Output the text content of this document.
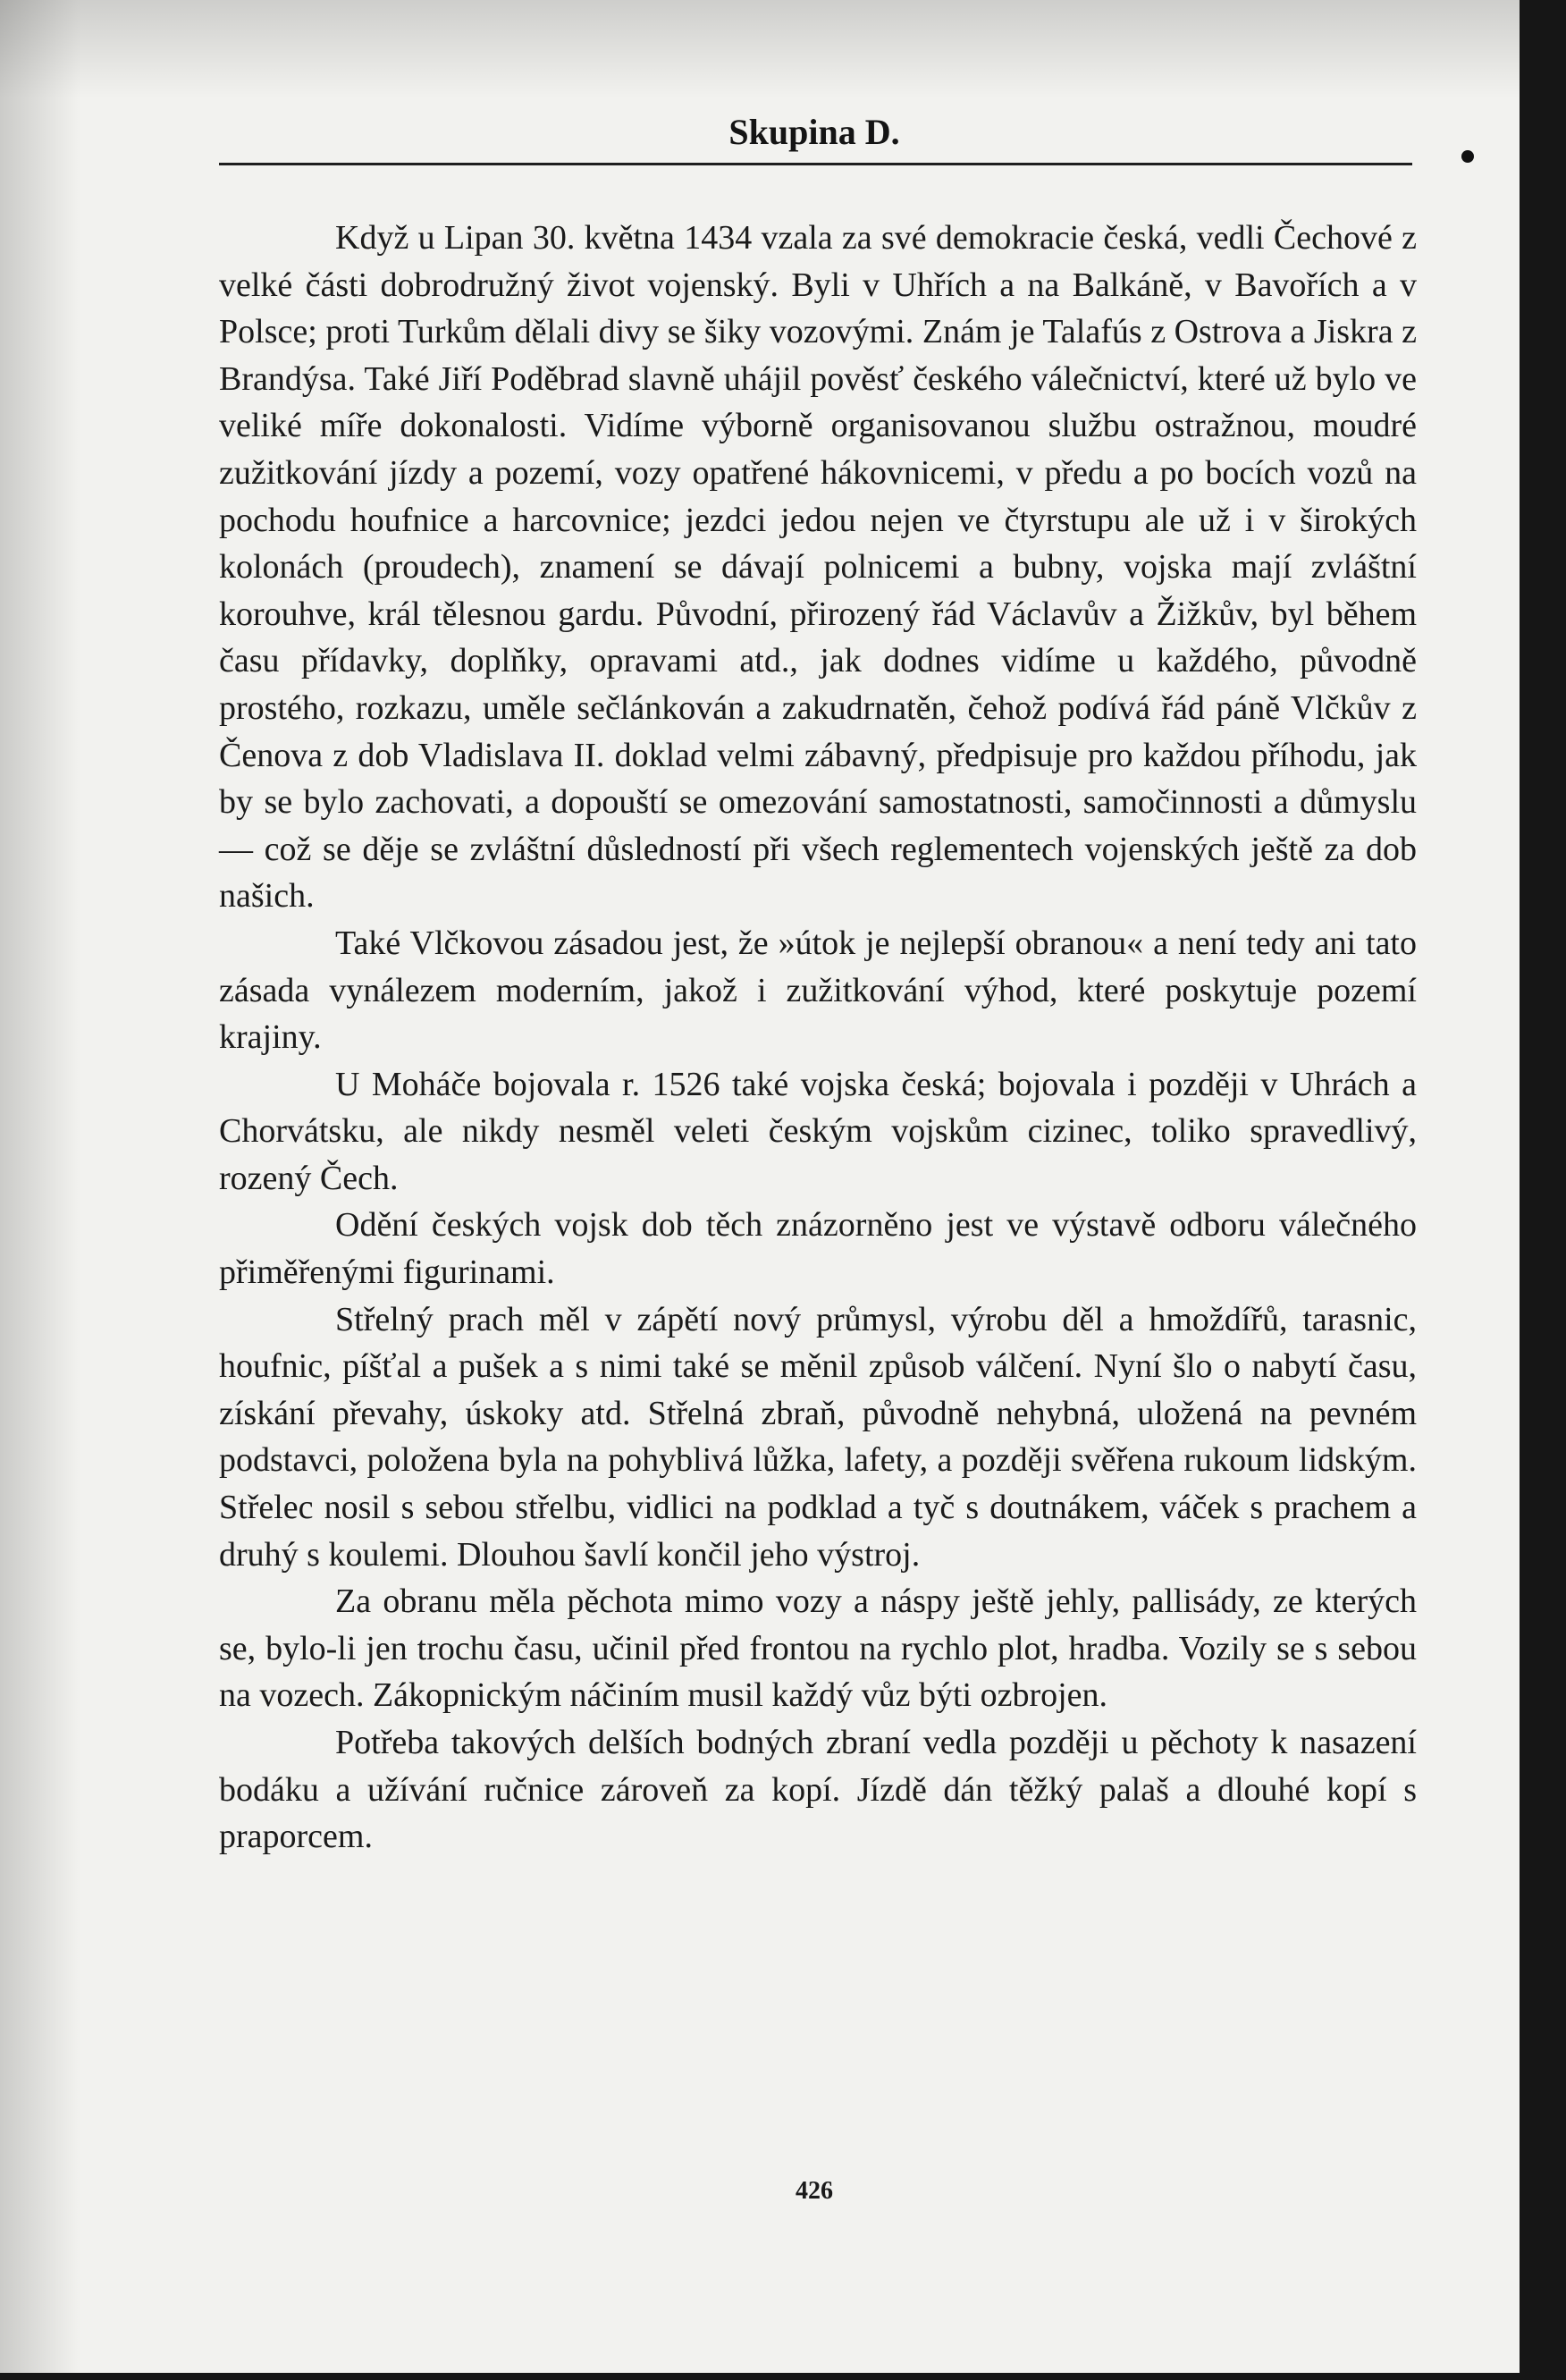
Skupina D.

Když u Lipan 30. května 1434 vzala za své demokracie česká, vedli Čechové z velké části dobrodružný život vojenský. Byli v Uhřích a na Balkáně, v Bavořích a v Polsce; proti Turkům dělali divy se šiky vozovými. Znám je Talafús z Ostrova a Jiskra z Brandýsa. Také Jiří Poděbrad slavně uhájil pověsť českého válečnictví, které už bylo ve veliké míře dokonalosti. Vidíme výborně organisovanou službu ostražnou, moudré zužitkování jízdy a pozemí, vozy opatřené hákovnicemi, v předu a po bocích vozů na pochodu houfnice a harcovnice; jezdci jedou nejen ve čtyrstupu ale už i v širokých kolonách (proudech), znamení se dávají polnicemi a bubny, vojska mají zvláštní korouhve, král tělesnou gardu. Původní, přirozený řád Václavův a Žižkův, byl během času přídavky, doplňky, opravami atd., jak dodnes vidíme u každého, původně prostého, rozkazu, uměle sečlánkován a zakudrnatěn, čehož podívá řád páně Vlčkův z Čenova z dob Vladislava II. doklad velmi zábavný, předpisuje pro každou příhodu, jak by se bylo zachovati, a dopouští se omezování samostatnosti, samočinnosti a důmyslu — což se děje se zvláštní důsledností při všech reglementech vojenských ještě za dob našich.

Také Vlčkovou zásadou jest, že »útok je nejlepší obranou« a není tedy ani tato zásada vynálezem moderním, jakož i zužitkování výhod, které poskytuje pozemí krajiny.

U Moháče bojovala r. 1526 také vojska česká; bojovala i později v Uhrách a Chorvátsku, ale nikdy nesměl veleti českým vojskům cizinec, toliko spravedlivý, rozený Čech.

Odění českých vojsk dob těch znázorněno jest ve výstavě odboru válečného přiměřenými figurinami.

Střelný prach měl v zápětí nový průmysl, výrobu děl a hmoždířů, tarasnic, houfnic, píšťal a pušek a s nimi také se měnil způsob válčení. Nyní šlo o nabytí času, získání převahy, úskoky atd. Střelná zbraň, původně nehybná, uložená na pevném podstavci, položena byla na pohyblivá lůžka, lafety, a později svěřena rukoum lidským. Střelec nosil s sebou střelbu, vidlici na podklad a tyč s doutnákem, váček s prachem a druhý s koulemi. Dlouhou šavlí končil jeho výstroj.

Za obranu měla pěchota mimo vozy a náspy ještě jehly, pallisády, ze kterých se, bylo-li jen trochu času, učinil před frontou na rychlo plot, hradba. Vozily se s sebou na vozech. Zákopnickým náčiním musil každý vůz býti ozbrojen.

Potřeba takových delších bodných zbraní vedla později u pěchoty k nasazení bodáku a užívání ručnice zároveň za kopí. Jízdě dán těžký palaš a dlouhé kopí s praporcem.

426
